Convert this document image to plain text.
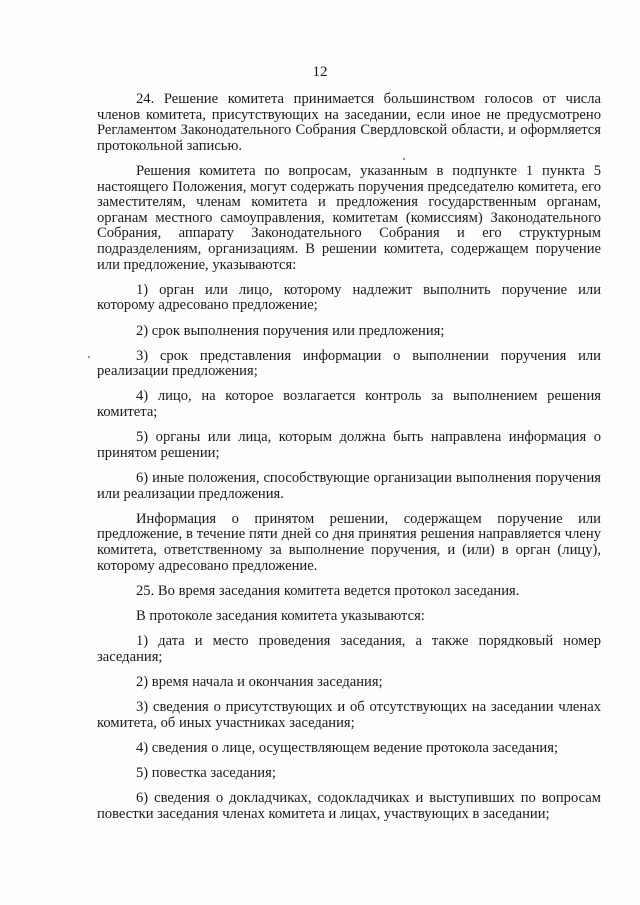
12

24. Решение комитета принимается большинством голосов от числа членов комитета, присутствующих на заседании, если иное не предусмотрено Регламентом Законодательного Собрания Свердловской области, и оформляется протокольной записью.

Решения комитета по вопросам, указанным в подпункте 1 пункта 5 настоящего Положения, могут содержать поручения председателю комитета, его заместителям, членам комитета и предложения государственным органам, органам местного самоуправления, комитетам (комиссиям) Законодательного Собрания, аппарату Законодательного Собрания и его структурным подразделениям, организациям. В решении комитета, содержащем поручение или предложение, указываются:

1) орган или лицо, которому надлежит выполнить поручение или которому адресовано предложение;

2) срок выполнения поручения или предложения;

3) срок представления информации о выполнении поручения или реализации предложения;

4) лицо, на которое возлагается контроль за выполнением решения комитета;

5) органы или лица, которым должна быть направлена информация о принятом решении;

6) иные положения, способствующие организации выполнения поручения или реализации предложения.

Информация о принятом решении, содержащем поручение или предложение, в течение пяти дней со дня принятия решения направляется члену комитета, ответственному за выполнение поручения, и (или) в орган (лицу), которому адресовано предложение.

25. Во время заседания комитета ведется протокол заседания.

В протоколе заседания комитета указываются:

1) дата и место проведения заседания, а также порядковый номер заседания;

2) время начала и окончания заседания;

3) сведения о присутствующих и об отсутствующих на заседании членах комитета, об иных участниках заседания;

4) сведения о лице, осуществляющем ведение протокола заседания;

5) повестка заседания;

6) сведения о докладчиках, содокладчиках и выступивших по вопросам повестки заседания членах комитета и лицах, участвующих в заседании;
